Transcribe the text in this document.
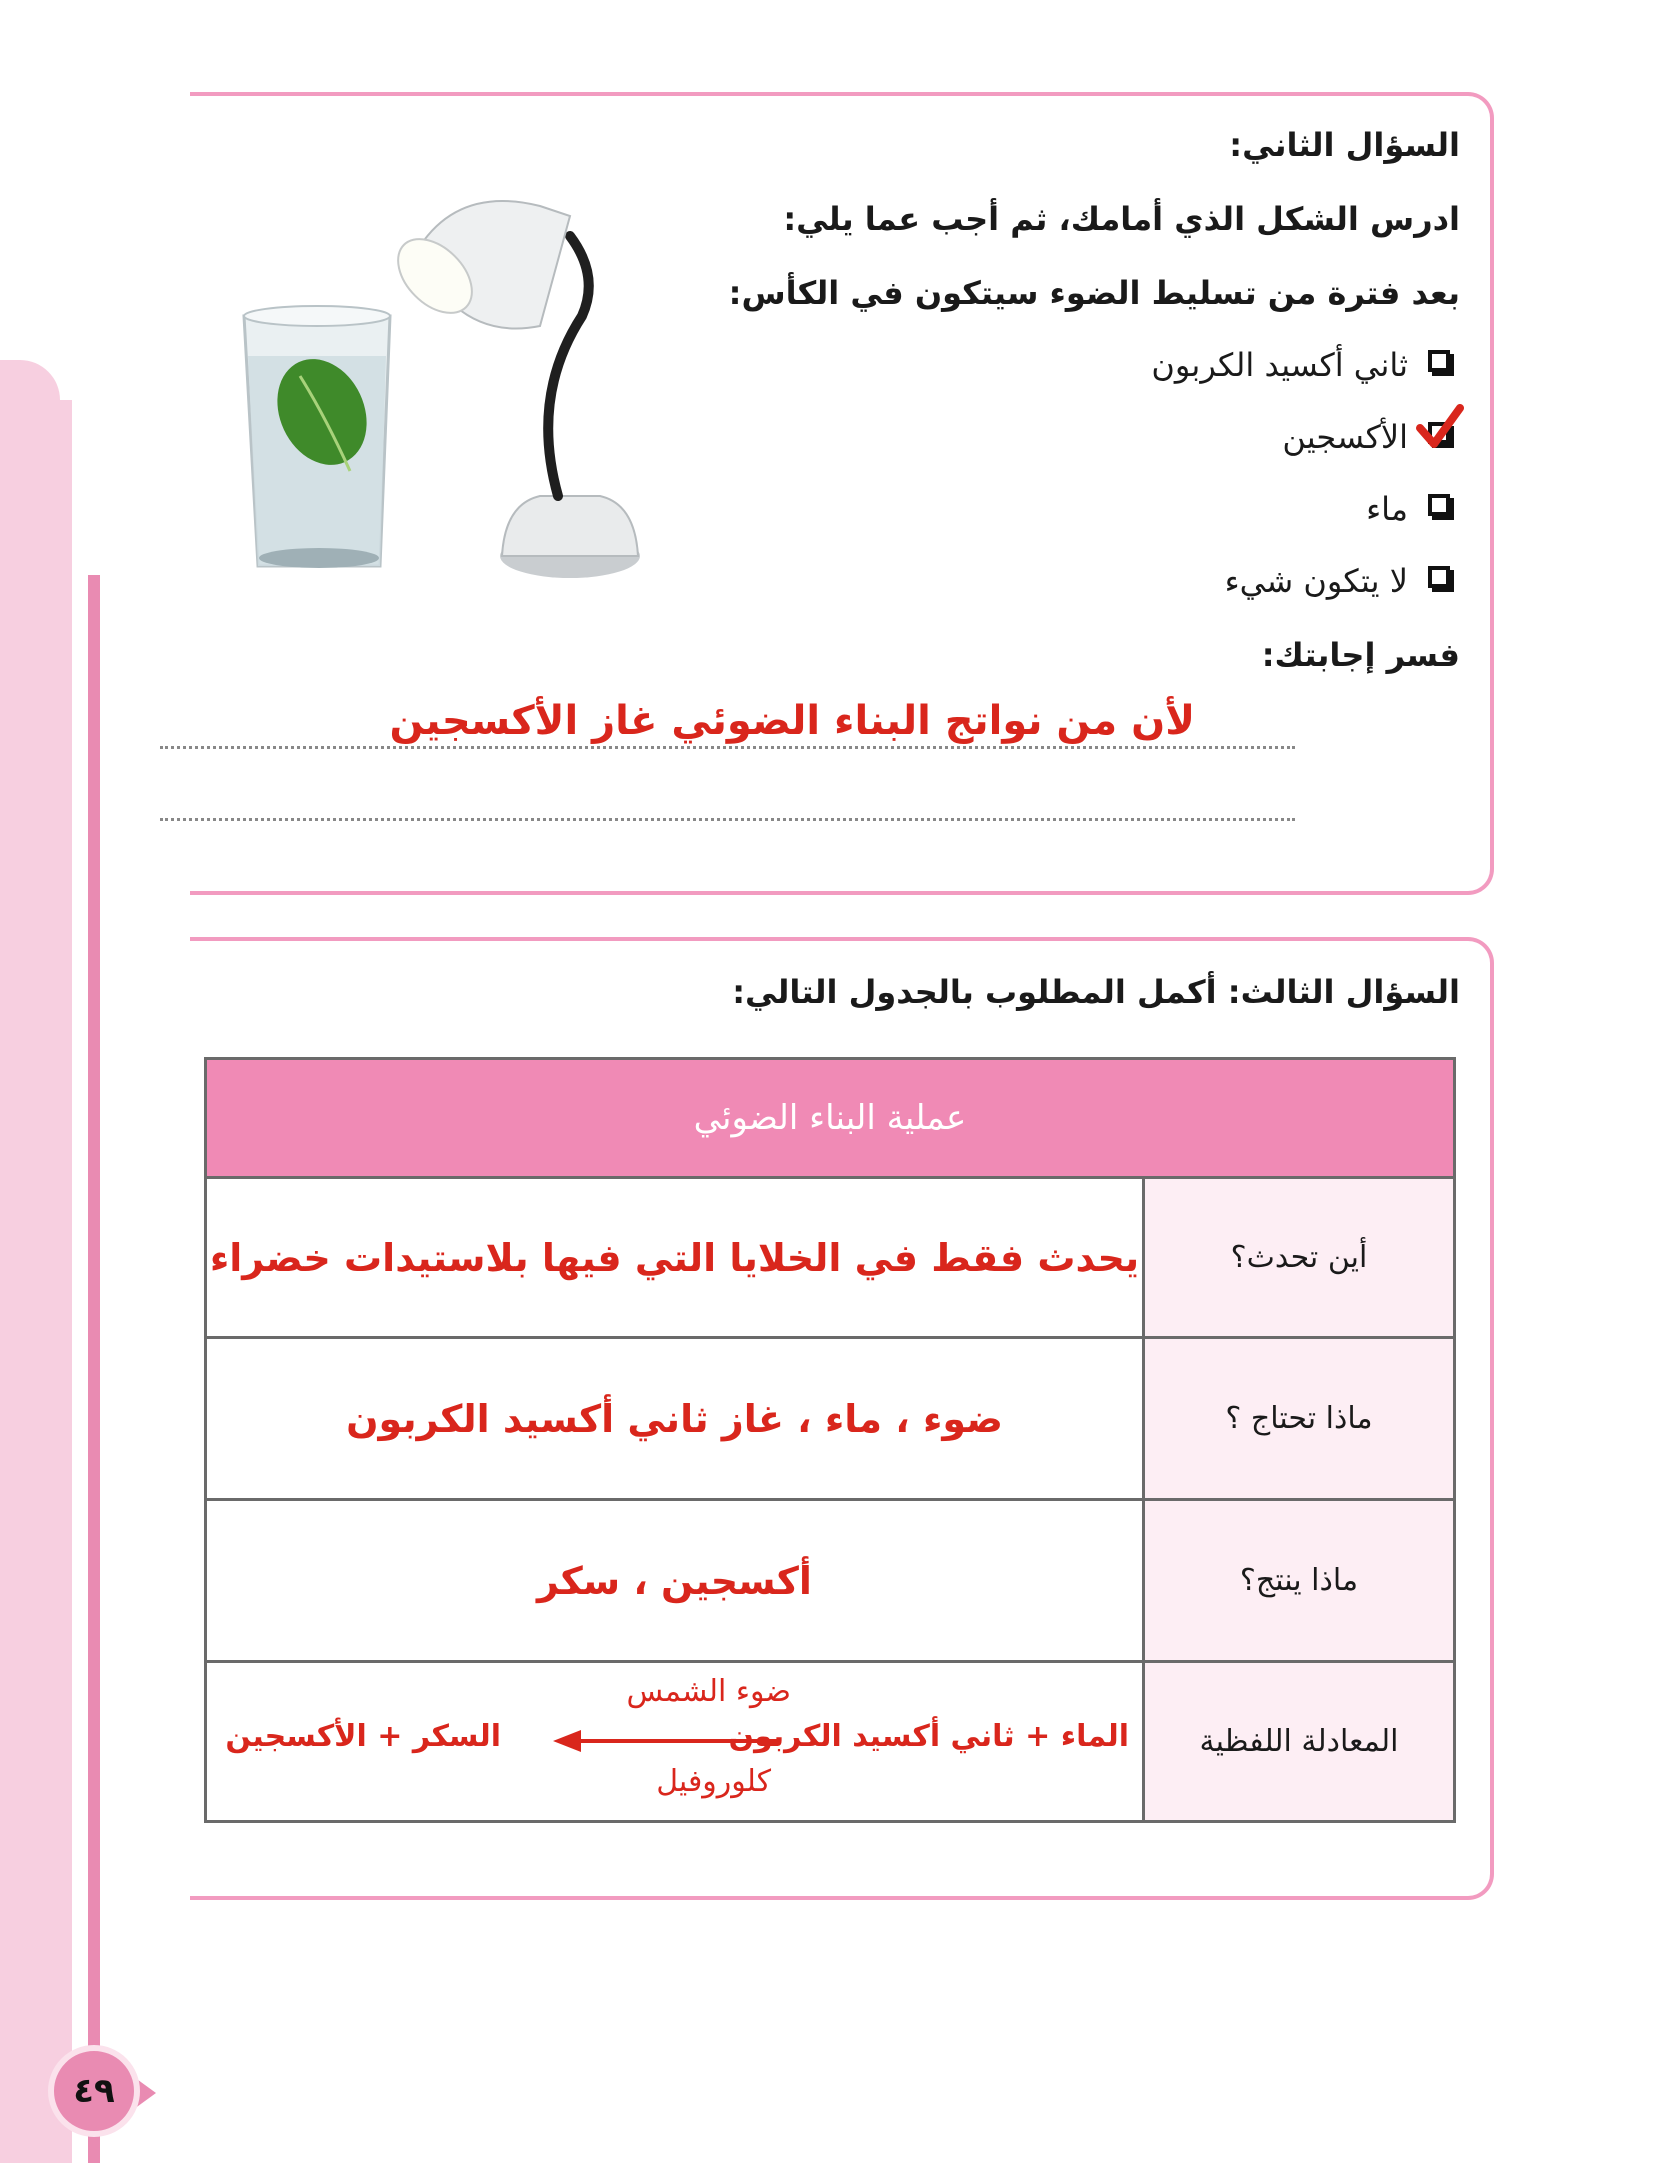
السؤال الثاني:
ادرس الشكل الذي أمامك، ثم أجب عما يلي:
بعد فترة من تسليط الضوء سيتكون في الكأس:
ثاني أكسيد الكربون
الأكسجين
ماء
لا يتكون شيء
فسر إجابتك:
لأن من نواتج البناء الضوئي غاز الأكسجين
السؤال الثالث: أكمل المطلوب بالجدول التالي:
عملية البناء الضوئي	
أين تحدث؟	يحدث فقط في الخلايا التي فيها بلاستيدات خضراء
ماذا تحتاج ؟	ضوء ، ماء ، غاز ثاني أكسيد الكربون
ماذا ينتج؟	أكسجين ، سكر
المعادلة اللفظية	الماء + ثاني أكسيد الكربون
ضوء الشمس
كلوروفيل
السكر + الأكسجين
٤٩
